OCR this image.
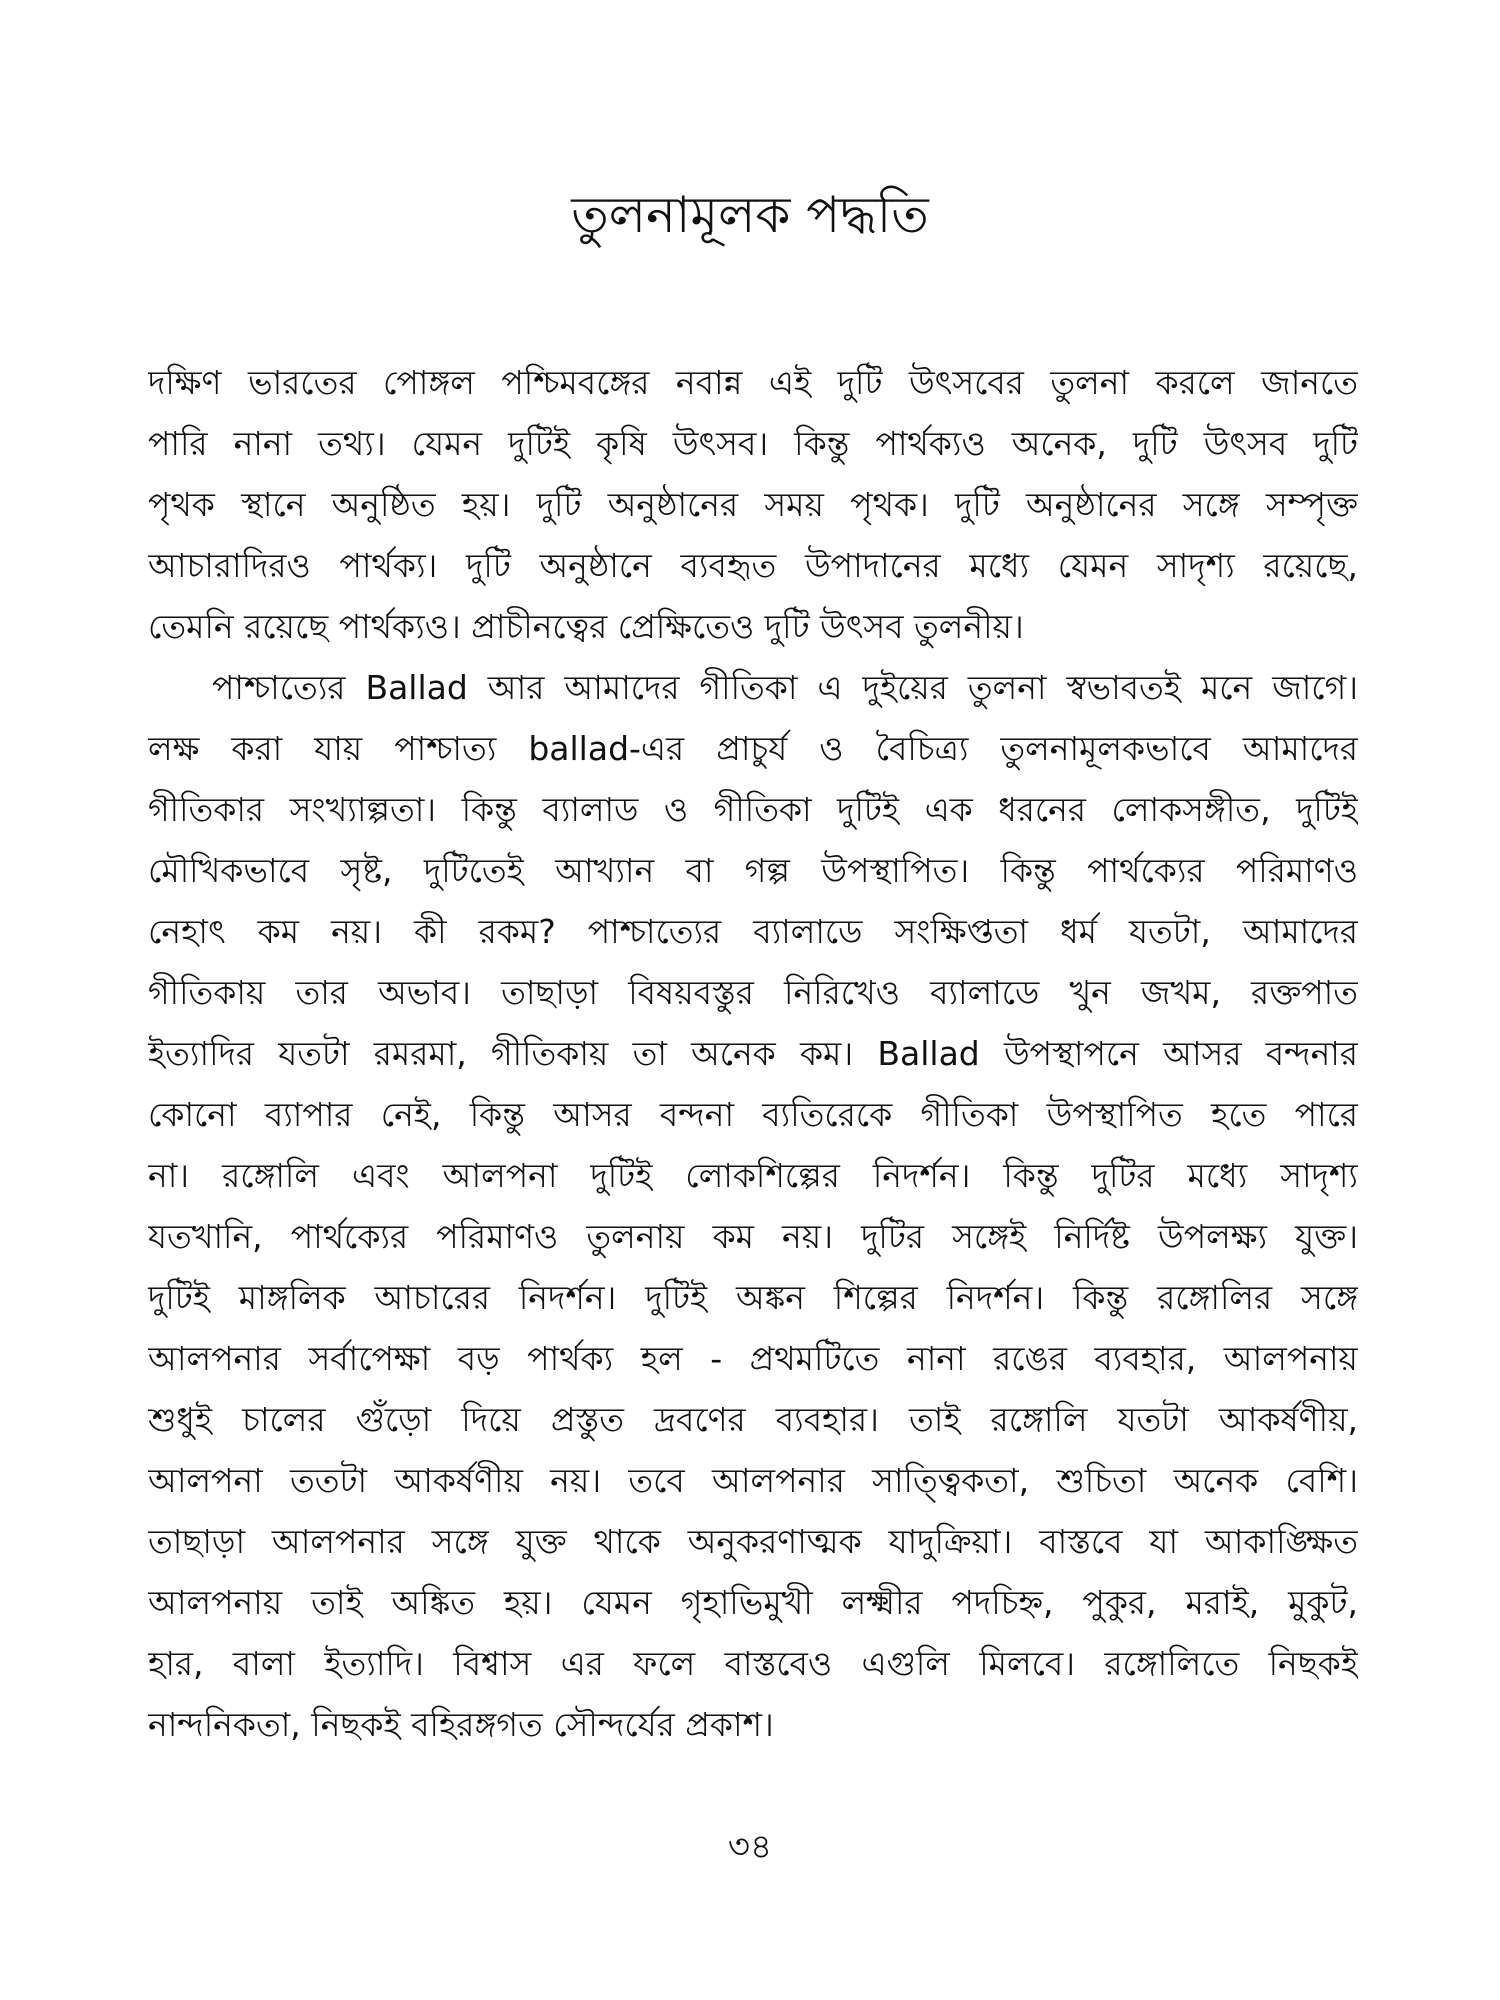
তুলনামূলক পদ্ধতি
দক্ষিণ ভারতের পোঙ্গল পশ্চিমবঙ্গের নবান্ন এই দুটি উৎসবের তুলনা করলে জানতে
পারি নানা তথ্য। যেমন দুটিই কৃষি উৎসব। কিন্তু পার্থক্যও অনেক, দুটি উৎসব দুটি
পৃথক স্থানে অনুষ্ঠিত হয়। দুটি অনুষ্ঠানের সময় পৃথক। দুটি অনুষ্ঠানের সঙ্গে সম্পৃক্ত
আচারাদিরও পার্থক্য। দুটি অনুষ্ঠানে ব্যবহৃত উপাদানের মধ্যে যেমন সাদৃশ্য রয়েছে,
তেমনি রয়েছে পার্থক্যও। প্রাচীনত্বের প্রেক্ষিতেও দুটি উৎসব তুলনীয়।
পাশ্চাত্যের Ballad আর আমাদের গীতিকা এ দুইয়ের তুলনা স্বভাবতই মনে জাগে।
লক্ষ করা যায় পাশ্চাত্য ballad-এর প্রাচুর্য ও বৈচিত্র্য তুলনামূলকভাবে আমাদের
গীতিকার সংখ্যাল্পতা। কিন্তু ব্যালাড ও গীতিকা দুটিই এক ধরনের লোকসঙ্গীত, দুটিই
মৌখিকভাবে সৃষ্ট, দুটিতেই আখ্যান বা গল্প উপস্থাপিত। কিন্তু পার্থক্যের পরিমাণও
নেহাৎ কম নয়। কী রকম? পাশ্চাত্যের ব্যালাডে সংক্ষিপ্ততা ধর্ম যতটা, আমাদের
গীতিকায় তার অভাব। তাছাড়া বিষয়বস্তুর নিরিখেও ব্যালাডে খুন জখম, রক্তপাত
ইত্যাদির যতটা রমরমা, গীতিকায় তা অনেক কম। Ballad উপস্থাপনে আসর বন্দনার
কোনো ব্যাপার নেই, কিন্তু আসর বন্দনা ব্যতিরেকে গীতিকা উপস্থাপিত হতে পারে
না। রঙ্গোলি এবং আলপনা দুটিই লোকশিল্পের নিদর্শন। কিন্তু দুটির মধ্যে সাদৃশ্য
যতখানি, পার্থক্যের পরিমাণও তুলনায় কম নয়। দুটির সঙ্গেই নির্দিষ্ট উপলক্ষ্য যুক্ত।
দুটিই মাঙ্গলিক আচারের নিদর্শন। দুটিই অঙ্কন শিল্পের নিদর্শন। কিন্তু রঙ্গোলির সঙ্গে
আলপনার সর্বাপেক্ষা বড় পার্থক্য হল - প্রথমটিতে নানা রঙের ব্যবহার, আলপনায়
শুধুই চালের গুঁড়ো দিয়ে প্রস্তুত দ্রবণের ব্যবহার। তাই রঙ্গোলি যতটা আকর্ষণীয়,
আলপনা ততটা আকর্ষণীয় নয়। তবে আলপনার সাত্ত্বিকতা, শুচিতা অনেক বেশি।
তাছাড়া আলপনার সঙ্গে যুক্ত থাকে অনুকরণাত্মক যাদুক্রিয়া। বাস্তবে যা আকাঙ্ক্ষিত
আলপনায় তাই অঙ্কিত হয়। যেমন গৃহাভিমুখী লক্ষ্মীর পদচিহ্ন, পুকুর, মরাই, মুকুট,
হার, বালা ইত্যাদি। বিশ্বাস এর ফলে বাস্তবেও এগুলি মিলবে। রঙ্গোলিতে নিছকই
নান্দনিকতা, নিছকই বহিরঙ্গগত সৌন্দর্যের প্রকাশ।
৩৪
